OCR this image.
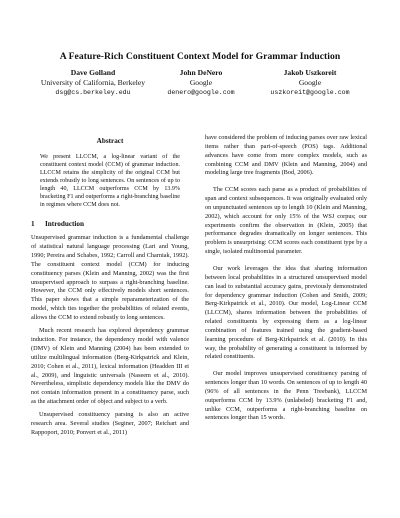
A Feature-Rich Constituent Context Model for Grammar Induction
Dave Golland
University of California, Berkeley
dsg@cs.berkeley.edu
John DeNero
Google
denero@google.com
Jakob Uszkoreit
Google
uszkoreit@google.com
Abstract
We present LLCCM, a log-linear variant of the constituent context model (CCM) of grammar induction. LLCCM retains the simplicity of the original CCM but extends robustly to long sentences. On sentences of up to length 40, LLCCM outperforms CCM by 13.9% bracketing F1 and outperforms a right-branching baseline in regimes where CCM does not.
1 Introduction

Unsupervised grammar induction is a fundamental challenge of statistical natural language processing (Lari and Young, 1990; Pereira and Schabes, 1992; Carroll and Charniak, 1992). The constituent context model (CCM) for inducing constituency parses (Klein and Manning, 2002) was the first unsupervised approach to surpass a right-branching baseline. However, the CCM only effectively models short sentences. This paper shows that a simple reparameterization of the model, which ties together the probabilities of related events, allows the CCM to extend robustly to long sentences.

Much recent research has explored dependency grammar induction. For instance, the dependency model with valence (DMV) of Klein and Manning (2004) has been extended to utilize multilingual information (Berg-Kirkpatrick and Klein, 2010; Cohen et al., 2011), lexical information (Headden III et al., 2009), and linguistic universals (Naseem et al., 2010). Nevertheless, simplistic dependency models like the DMV do not contain information present in a constituency parse, such as the attachment order of object and subject to a verb.

Unsupervised constituency parsing is also an active research area. Several studies (Seginer, 2007; Reichart and Rappoport, 2010; Ponvert et al., 2011)

have considered the problem of inducing parses over raw lexical items rather than part-of-speech (POS) tags. Additional advances have come from more complex models, such as combining CCM and DMV (Klein and Manning, 2004) and modeling large tree fragments (Bod, 2006).

The CCM scores each parse as a product of probabilities of span and context subsequences. It was originally evaluated only on unpunctuated sentences up to length 10 (Klein and Manning, 2002), which account for only 15% of the WSJ corpus; our experiments confirm the observation in (Klein, 2005) that performance degrades dramatically on longer sentences. This problem is unsurprising: CCM scores each constituent type by a single, isolated multinomial parameter.

Our work leverages the idea that sharing information between local probabilities in a structured unsupervised model can lead to substantial accuracy gains, previously demonstrated for dependency grammar induction (Cohen and Smith, 2009; Berg-Kirkpatrick et al., 2010). Our model, Log-Linear CCM (LLCCM), shares information between the probabilities of related constituents by expressing them as a log-linear combination of features trained using the gradient-based learning procedure of Berg-Kirkpatrick et al. (2010). In this way, the probability of generating a constituent is informed by related constituents.

Our model improves unsupervised constituency parsing of sentences longer than 10 words. On sentences of up to length 40 (96% of all sentences in the Penn Treebank), LLCCM outperforms CCM by 13.9% (unlabeled) bracketing F1 and, unlike CCM, outperforms a right-branching baseline on sentences longer than 15 words.
